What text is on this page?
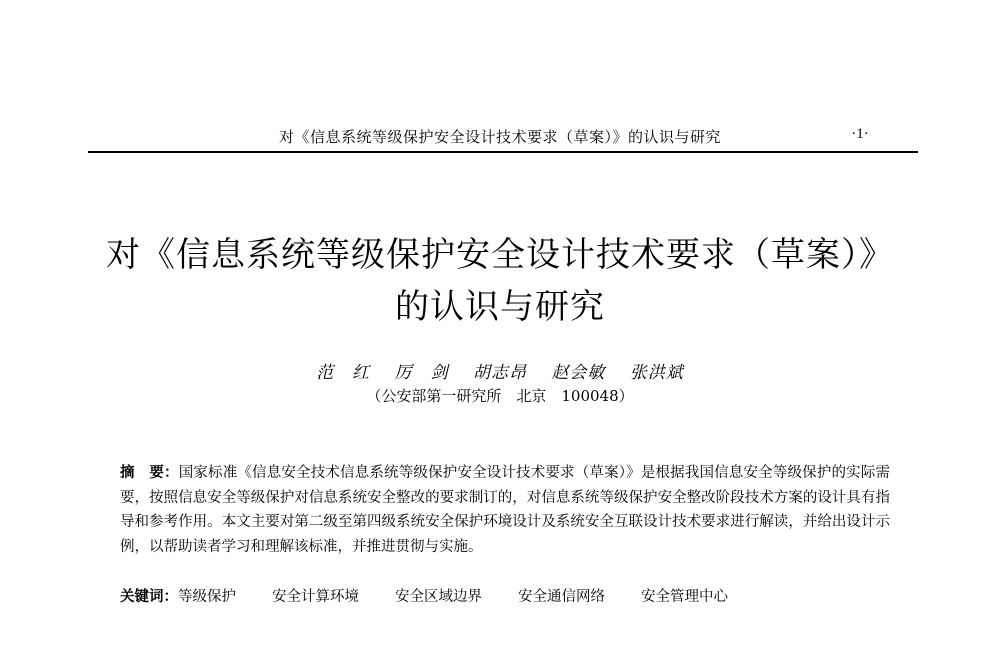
对《信息系统等级保护安全设计技术要求（草案）》的认识与研究	·1·
对《信息系统等级保护安全设计技术要求（草案）》
的认识与研究
范　红 厉　剑 胡志昂 赵会敏 张洪斌
（公安部第一研究所　北京　100048）
摘　要：国家标准《信息安全技术信息系统等级保护安全设计技术要求（草案）》是根据我国信息安全等级保护的实际需要，按照信息安全等级保护对信息系统安全整改的要求制订的，对信息系统等级保护安全整改阶段技术方案的设计具有指导和参考作用。本文主要对第二级至第四级系统安全保护环境设计及系统安全互联设计技术要求进行解读，并给出设计示例，以帮助读者学习和理解该标准，并推进贯彻与实施。
关键词：等级保护 安全计算环境 安全区域边界 安全通信网络 安全管理中心
